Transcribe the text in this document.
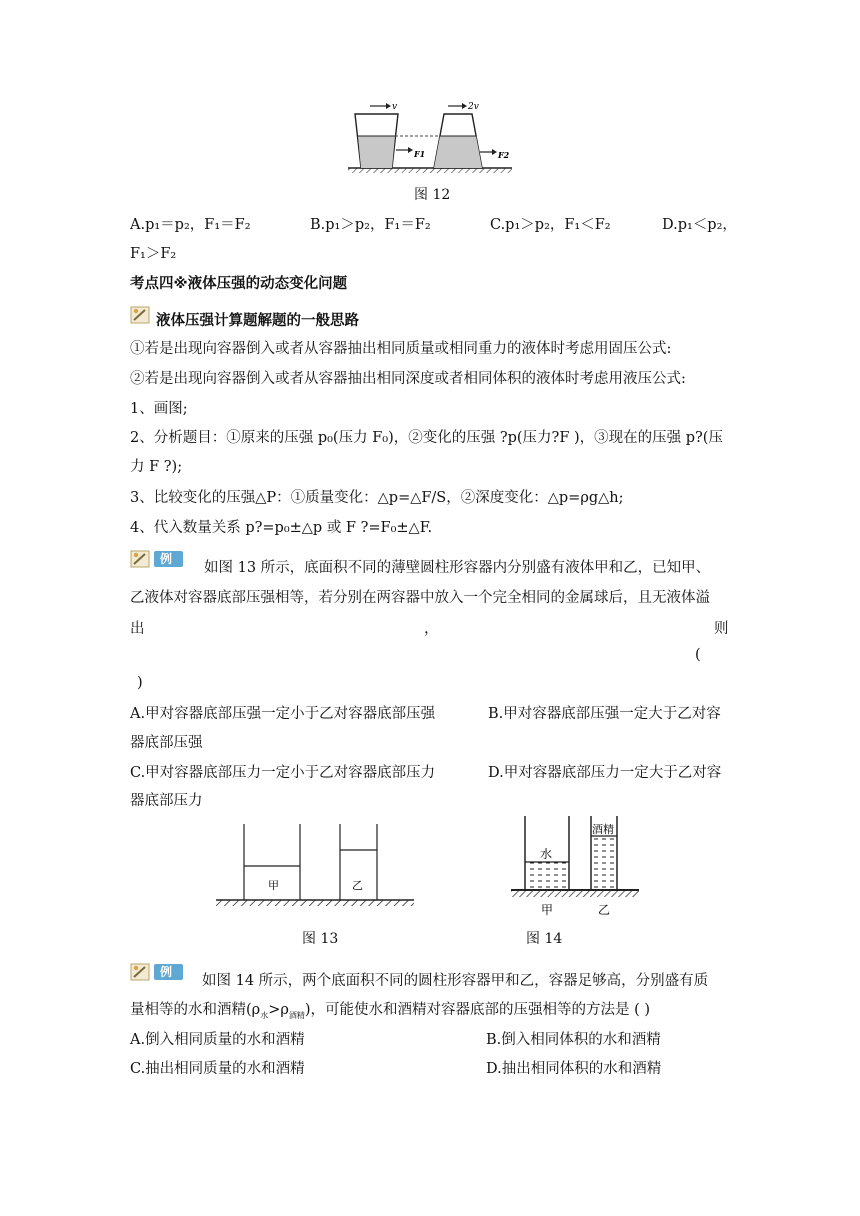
v	2v
F1	F2
图 12
A.p₁＝p₂，F₁＝F₂	B.p₁＞p₂，F₁＝F₂	C.p₁＞p₂，F₁＜F₂	D.p₁＜p₂，
F₁＞F₂
考点四※液体压强的动态变化问题
液体压强计算题解题的一般思路
①若是出现向容器倒入或者从容器抽出相同质量或相同重力的液体时考虑用固压公式:
②若是出现向容器倒入或者从容器抽出相同深度或者相同体积的液体时考虑用液压公式:
1、画图;
2、分析题目：①原来的压强 p₀(压力 F₀)，②变化的压强 ?p(压力?F )，③现在的压强 p?(压
力 F ?);
3、比较变化的压强△P：①质量变化：△p=△F/S，②深度变化：△p=ρg△h;
4、代入数量关系 p?=p₀±△p 或 F ?=F₀±△F.
例13	如图 13 所示，底面积不同的薄壁圆柱形容器内分别盛有液体甲和乙，已知甲、
乙液体对容器底部压强相等，若分别在两容器中放入一个完全相同的金属球后，且无液体溢
出	，	则
(
)
A.甲对容器底部压强一定小于乙对容器底部压强	B.甲对容器底部压强一定大于乙对容
器底部压强
C.甲对容器底部压力一定小于乙对容器底部压力	D.甲对容器底部压力一定大于乙对容
器底部压力
甲	乙
图 13
水
酒精
甲	乙
图 14
例14	如图 14 所示，两个底面积不同的圆柱形容器甲和乙，容器足够高，分别盛有质
量相等的水和酒精$(\rho_水>\rho_{酒精})$，可能使水和酒精对容器底部的压强相等的方法是 ( )
A.倒入相同质量的水和酒精	B.倒入相同体积的水和酒精
C.抽出相同质量的水和酒精	D.抽出相同体积的水和酒精
